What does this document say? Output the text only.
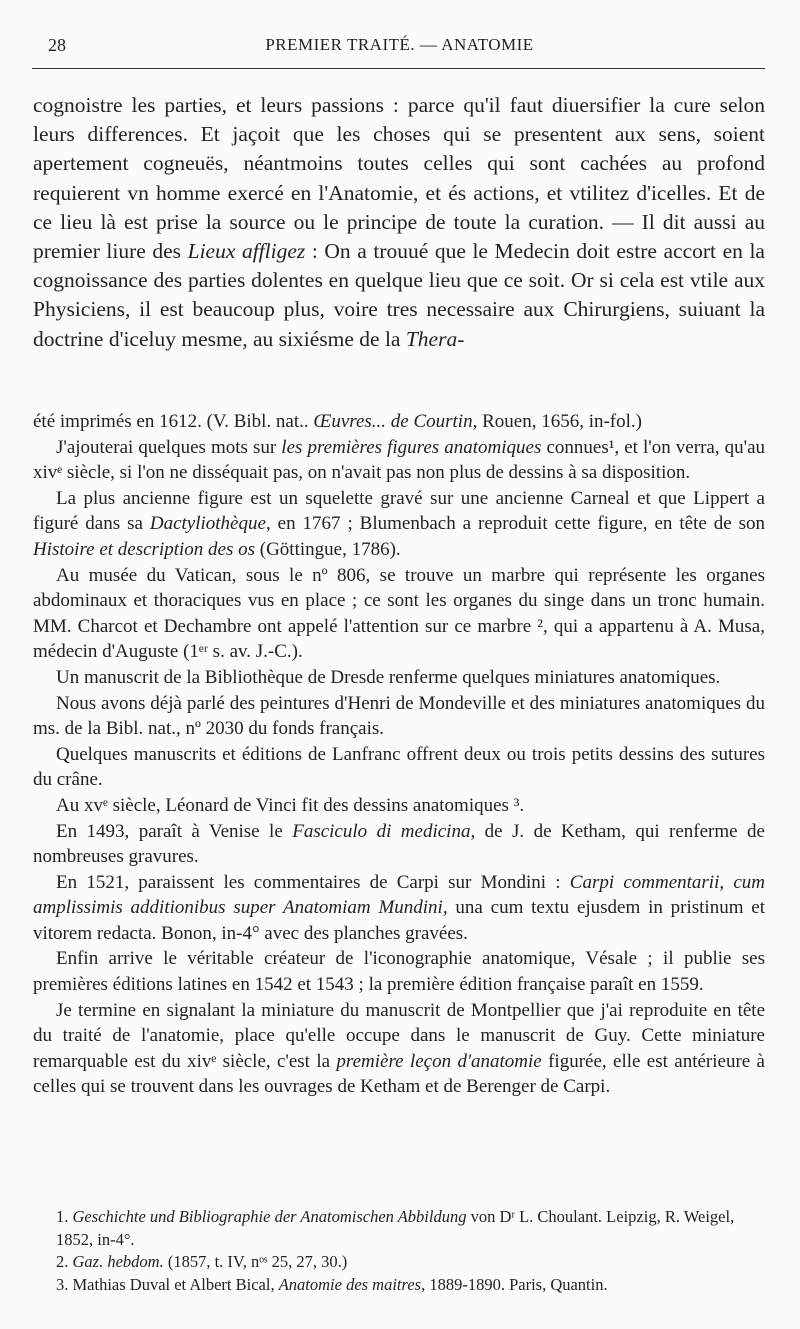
28	PREMIER TRAITÉ. — ANATOMIE

cognoistre les parties, et leurs passions : parce qu'il faut diuersifier la cure selon leurs differences. Et jaçoit que les choses qui se presentent aux sens, soient apertement cogneuës, néantmoins toutes celles qui sont cachées au profond requierent vn homme exercé en l'Anatomie, et és actions, et vtilitez d'icelles. Et de ce lieu là est prise la source ou le principe de toute la curation. — Il dit aussi au premier liure des Lieux affligez : On a trouué que le Medecin doit estre accort en la cognoissance des parties dolentes en quelque lieu que ce soit. Or si cela est vtile aux Physiciens, il est beaucoup plus, voire tres necessaire aux Chirurgiens, suiuant la doctrine d'iceluy mesme, au sixiésme de la Thera-

été imprimés en 1612. (V. Bibl. nat.. Œuvres... de Courtin, Rouen, 1656, in-fol.)

J'ajouterai quelques mots sur les premières figures anatomiques connues¹, et l'on verra, qu'au xivᵉ siècle, si l'on ne disséquait pas, on n'avait pas non plus de dessins à sa disposition.

La plus ancienne figure est un squelette gravé sur une ancienne Carneal et que Lippert a figuré dans sa Dactyliothèque, en 1767 ; Blumenbach a reproduit cette figure, en tête de son Histoire et description des os (Göttingue, 1786).

Au musée du Vatican, sous le nº 806, se trouve un marbre qui représente les organes abdominaux et thoraciques vus en place ; ce sont les organes du singe dans un tronc humain. MM. Charcot et Dechambre ont appelé l'attention sur ce marbre ², qui a appartenu à A. Musa, médecin d'Auguste (1ᵉʳ s. av. J.-C.).

Un manuscrit de la Bibliothèque de Dresde renferme quelques miniatures anatomiques.

Nous avons déjà parlé des peintures d'Henri de Mondeville et des miniatures anatomiques du ms. de la Bibl. nat., nº 2030 du fonds français.

Quelques manuscrits et éditions de Lanfranc offrent deux ou trois petits dessins des sutures du crâne.

Au xvᵉ siècle, Léonard de Vinci fit des dessins anatomiques ³.

En 1493, paraît à Venise le Fasciculo di medicina, de J. de Ketham, qui renferme de nombreuses gravures.

En 1521, paraissent les commentaires de Carpi sur Mondini : Carpi commentarii, cum amplissimis additionibus super Anatomiam Mundini, una cum textu ejusdem in pristinum et vitorem redacta. Bonon, in-4° avec des planches gravées.

Enfin arrive le véritable créateur de l'iconographie anatomique, Vésale ; il publie ses premières éditions latines en 1542 et 1543 ; la première édition française paraît en 1559.

Je termine en signalant la miniature du manuscrit de Montpellier que j'ai reproduite en tête du traité de l'anatomie, place qu'elle occupe dans le manuscrit de Guy. Cette miniature remarquable est du xivᵉ siècle, c'est la première leçon d'anatomie figurée, elle est antérieure à celles qui se trouvent dans les ouvrages de Ketham et de Berenger de Carpi.

1. Geschichte und Bibliographie der Anatomischen Abbildung von Dʳ L. Choulant. Leipzig, R. Weigel, 1852, in-4°.

2. Gaz. hebdom. (1857, t. IV, nᵒˢ 25, 27, 30.)

3. Mathias Duval et Albert Bical, Anatomie des maitres, 1889-1890. Paris, Quantin.
